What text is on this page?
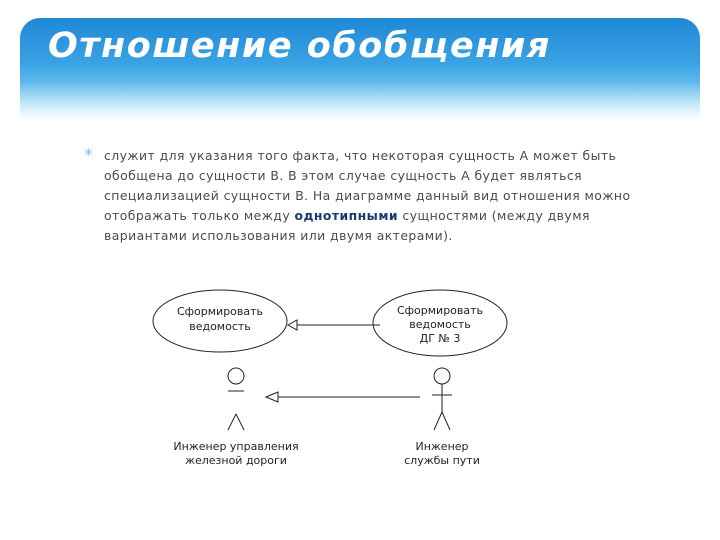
Отношение обобщения
✳ служит для указания того факта, что некоторая сущность A может быть обобщена до сущности B. В этом случае сущность A будет являться специализацией сущности B. На диаграмме данный вид отношения можно отображать только между однотипными сущностями (между двумя вариантами использования или двумя актерами).

Сформировать
ведомость
Сформировать
ведомость
ДГ № 3
Инженер управления
железной дороги
Инженер
службы пути
